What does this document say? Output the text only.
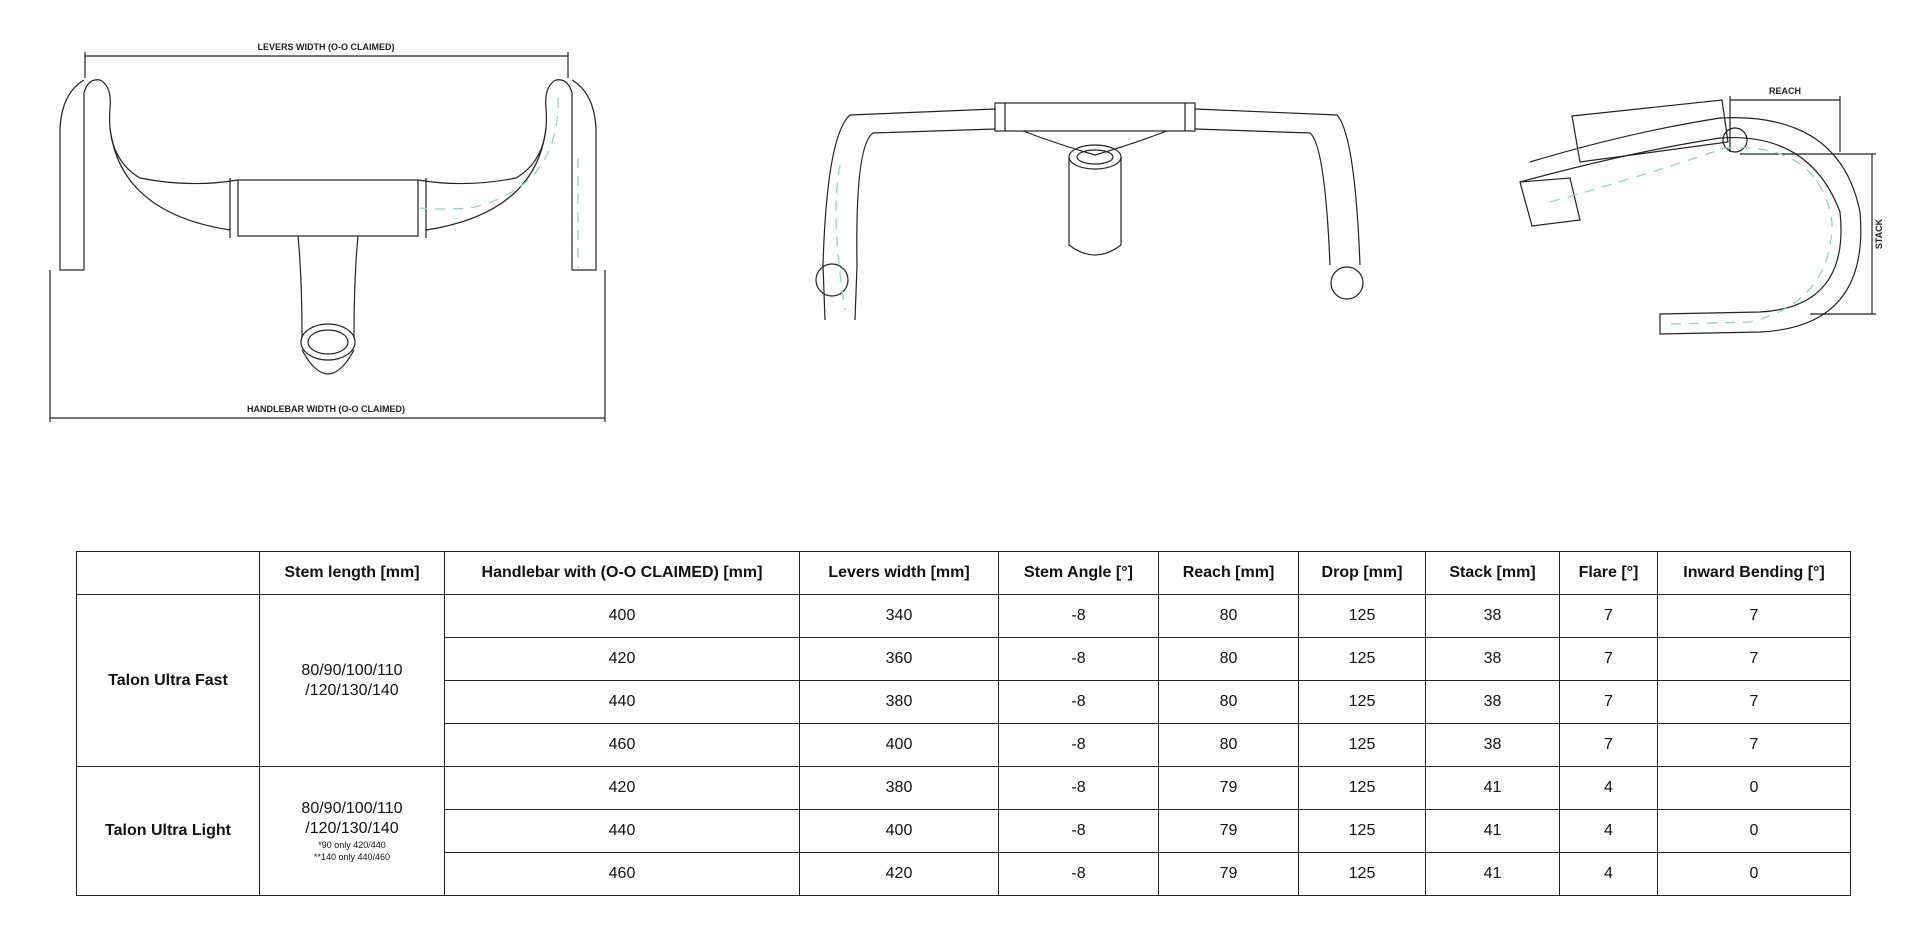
LEVERS WIDTH (O-O CLAIMED)
HANDLEBAR WIDTH (O-O CLAIMED)
REACH
STACK
	Stem length [mm]	Handlebar with (O-O CLAIMED) [mm]	Levers width [mm]	Stem Angle [°]	Reach [mm]	Drop [mm]	Stack [mm]	Flare [°]	Inward Bending [°]
Talon Ultra Fast	80/90/100/110
/120/130/140	400	340	-8	80	125	38	7	7
		420	360	-8	80	125	38	7	7
		440	380	-8	80	125	38	7	7
		460	400	-8	80	125	38	7	7
Talon Ultra Light	80/90/100/110
/120/130/140
*90 only 420/440
**140 only 440/460	420	380	-8	79	125	41	4	0
		440	400	-8	79	125	41	4	0
		460	420	-8	79	125	41	4	0
